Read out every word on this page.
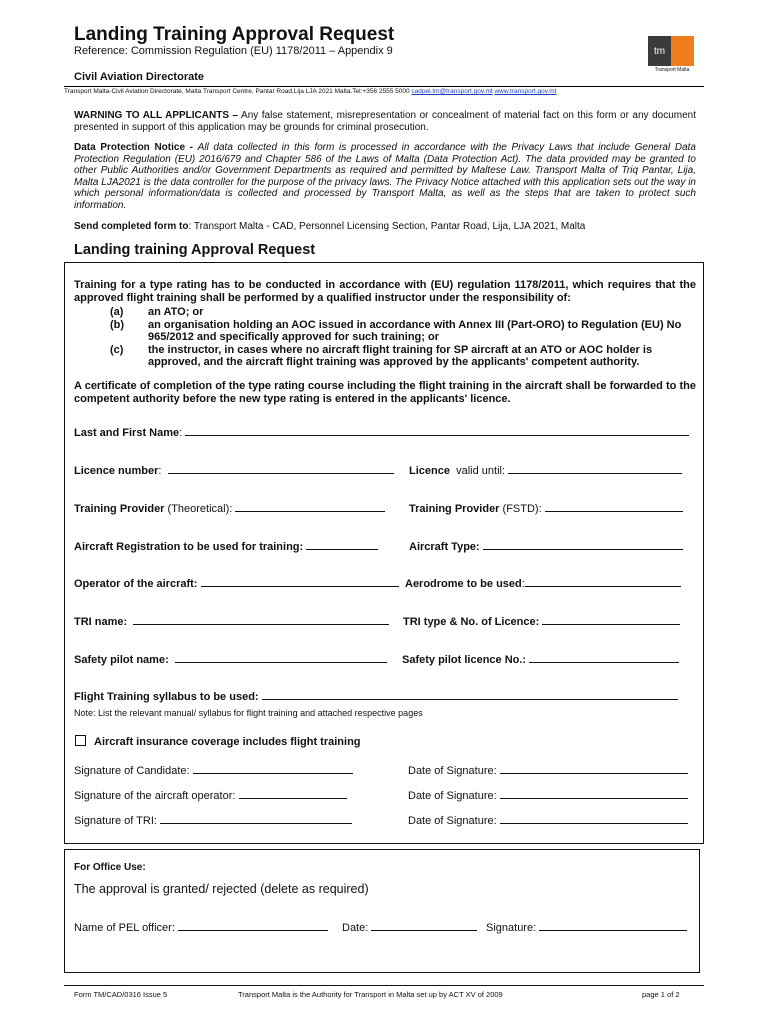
Landing Training Approval Request
Reference: Commission Regulation (EU) 1178/2011 – Appendix 9
Civil Aviation Directorate
tm
Transport Malta
Transport Malta-Civil Aviation Directorate, Malta Transport Centre, Pantar Road,Lija LJA 2021 Malta.Tel:+356 2555 5000 cadpel.tm@transport.gov.mt www.transport.gov.mt
WARNING TO ALL APPLICANTS – Any false statement, misrepresentation or concealment of material fact on this form or any document presented in support of this application may be grounds for criminal prosecution.
Data Protection Notice - All data collected in this form is processed in accordance with the Privacy Laws that include General Data Protection Regulation (EU) 2016/679 and Chapter 586 of the Laws of Malta (Data Protection Act). The data provided may be granted to other Public Authorities and/or Government Departments as required and permitted by Maltese Law. Transport Malta of Triq Pantar, Lija, Malta LJA2021 is the data controller for the purpose of the privacy laws. The Privacy Notice attached with this application sets out the way in which personal information/data is collected and processed by Transport Malta, as well as the steps that are taken to protect such information.
Send completed form to: Transport Malta - CAD, Personnel Licensing Section, Pantar Road, Lija, LJA 2021, Malta
Landing training Approval Request
Training for a type rating has to be conducted in accordance with (EU) regulation 1178/2011, which requires that the approved flight training shall be performed by a qualified instructor under the responsibility of:
(a)	an ATO; or
(b)	an organisation holding an AOC issued in accordance with Annex III (Part-ORO) to Regulation (EU) No 965/2012 and specifically approved for such training; or
(c)	the instructor, in cases where no aircraft flight training for SP aircraft at an ATO or AOC holder is approved, and the aircraft flight training was approved by the applicants' competent authority.
A certificate of completion of the type rating course including the flight training in the aircraft shall be forwarded to the competent authority before the new type rating is entered in the applicants' licence.
Last and First Name:
Licence number:	Licence valid until:
Training Provider (Theoretical):	Training Provider (FSTD):
Aircraft Registration to be used for training:	Aircraft Type:
Operator of the aircraft:	Aerodrome to be used:
TRI name:	TRI type & No. of Licence:
Safety pilot name:	Safety pilot licence No.:
Flight Training syllabus to be used:
Note: List the relevant manual/ syllabus for flight training and attached respective pages
Aircraft insurance coverage includes flight training
Signature of Candidate:	Date of Signature:
Signature of the aircraft operator:	Date of Signature:
Signature of TRI:	Date of Signature:
For Office Use:
The approval is granted/ rejected (delete as required)
Name of PEL officer:	Date:	Signature:
Form TM/CAD/0316 Issue 5	Transport Malta is the Authority for Transport in Malta set up by ACT XV of 2009	page 1 of 2
